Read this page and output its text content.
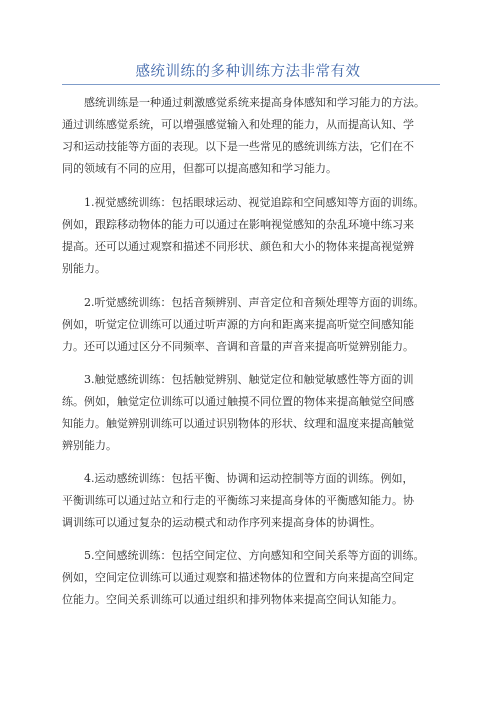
感统训练的多种训练方法非常有效
感统训练是一种通过刺激感觉系统来提高身体感知和学习能力的方法。
通过训练感觉系统，可以增强感觉输入和处理的能力，从而提高认知、学
习和运动技能等方面的表现。以下是一些常见的感统训练方法，它们在不
同的领域有不同的应用，但都可以提高感知和学习能力。
1.视觉感统训练：包括眼球运动、视觉追踪和空间感知等方面的训练。
例如，跟踪移动物体的能力可以通过在影响视觉感知的杂乱环境中练习来
提高。还可以通过观察和描述不同形状、颜色和大小的物体来提高视觉辨
别能力。
2.听觉感统训练：包括音频辨别、声音定位和音频处理等方面的训练。
例如，听觉定位训练可以通过听声源的方向和距离来提高听觉空间感知能
力。还可以通过区分不同频率、音调和音量的声音来提高听觉辨别能力。
3.触觉感统训练：包括触觉辨别、触觉定位和触觉敏感性等方面的训
练。例如，触觉定位训练可以通过触摸不同位置的物体来提高触觉空间感
知能力。触觉辨别训练可以通过识别物体的形状、纹理和温度来提高触觉
辨别能力。
4.运动感统训练：包括平衡、协调和运动控制等方面的训练。例如，
平衡训练可以通过站立和行走的平衡练习来提高身体的平衡感知能力。协
调训练可以通过复杂的运动模式和动作序列来提高身体的协调性。
5.空间感统训练：包括空间定位、方向感知和空间关系等方面的训练。
例如，空间定位训练可以通过观察和描述物体的位置和方向来提高空间定
位能力。空间关系训练可以通过组织和排列物体来提高空间认知能力。
